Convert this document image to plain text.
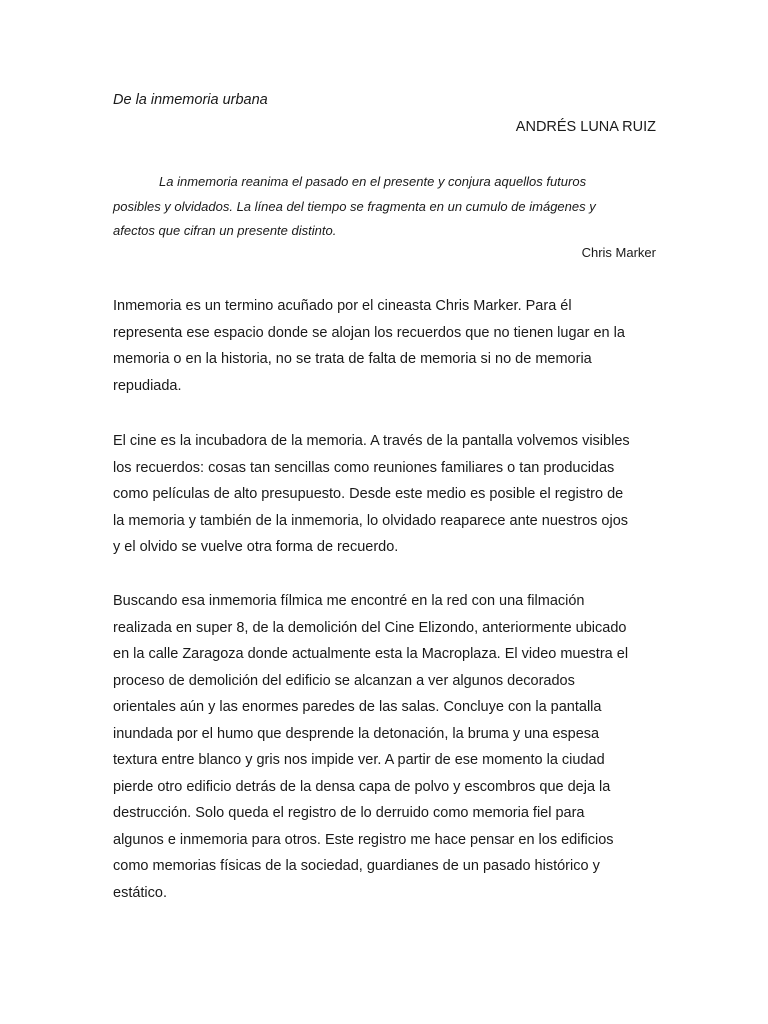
De la inmemoria urbana
ANDRÉS LUNA RUIZ
La inmemoria reanima el pasado en el presente y conjura aquellos futuros
posibles y olvidados. La línea del tiempo se fragmenta en un cumulo de imágenes y
afectos que cifran un presente distinto.
Chris Marker
Inmemoria es un termino acuñado por el cineasta Chris Marker. Para él
representa ese espacio donde se alojan los recuerdos que no tienen lugar en la
memoria o en la historia, no se trata de falta de memoria si no de memoria
repudiada.
El cine es la incubadora de la memoria. A través de la pantalla volvemos visibles
los recuerdos: cosas tan sencillas como reuniones familiares o tan producidas
como películas de alto presupuesto. Desde este medio es posible el registro de
la memoria y también de la inmemoria, lo olvidado reaparece ante nuestros ojos
y el olvido se vuelve otra forma de recuerdo.
Buscando esa inmemoria fílmica me encontré en la red con una filmación
realizada en super 8, de la demolición del Cine Elizondo, anteriormente ubicado
en la calle Zaragoza donde actualmente esta la Macroplaza. El video muestra el
proceso de demolición del edificio se alcanzan a ver algunos decorados
orientales aún y las enormes paredes de las salas. Concluye con la pantalla
inundada por el humo que desprende la detonación, la bruma y una espesa
textura entre blanco y gris nos impide ver. A partir de ese momento la ciudad
pierde otro edificio detrás de la densa capa de polvo y escombros que deja la
destrucción. Solo queda el registro de lo derruido como memoria fiel para
algunos e inmemoria para otros. Este registro me hace pensar en los edificios
como memorias físicas de la sociedad, guardianes de un pasado histórico y
estático.
